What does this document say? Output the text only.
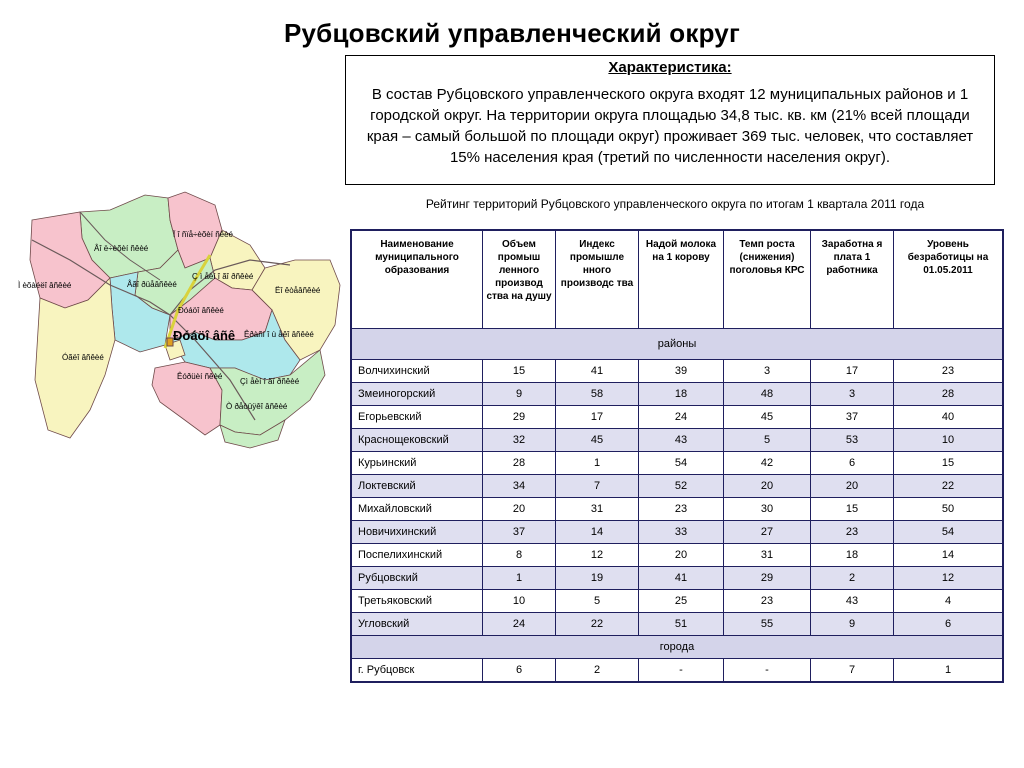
Рубцовский управленческий округ
Характеристика:
В состав Рубцовского управленческого округа входят 12 муниципальных районов и 1 городской округ. На территории округа площадью 34,8 тыс. кв. км (21% всей площади края – самый большой по площади округ) проживает 369 тыс. человек, что составляет 15% населения края (третий по численности населения округ).
Рейтинг территорий Рубцовского управленческого округа по итогам 1 квартала 2011 года
Ï î ñïå÷èõèí ñêèé
Âî ë÷èõèí ñêèé
Ç ì åèí î ãî ðñêèé
Ì èõàéëî âñêèé	Åãî ðüåâñêèé
Ëî êòåâñêèé
Ðóáöî âñêèé
Êðàñí î ù åêî âñêèé
Ðóáöî âñê
Óãëî âñêèé
Êóðüèí ñêèé
Ò ðåòüÿêî âñêèé
Çì åèí î ãî ðñêèé
Наименование муниципального образования	Объем промыш ленного производ ства на душу	Индекс промышле нного производс тва	Надой молока на 1 корову	Темп роста (снижения) поголовья КРС	Заработна я плата 1 работника	Уровень безработицы на 01.05.2011
районы						
Волчихинский	15	41	39	3	17	23
Змеиногорский	9	58	18	48	3	28
Егорьевский	29	17	24	45	37	40
Краснощековский	32	45	43	5	53	10
Курьинский	28	1	54	42	6	15
Локтевский	34	7	52	20	20	22
Михайловский	20	31	23	30	15	50
Новичихинский	37	14	33	27	23	54
Поспелихинский	8	12	20	31	18	14
Рубцовский	1	19	41	29	2	12
Третьяковский	10	5	25	23	43	4
Угловский	24	22	51	55	9	6
города						
г. Рубцовск	6	2	-	-	7	1
